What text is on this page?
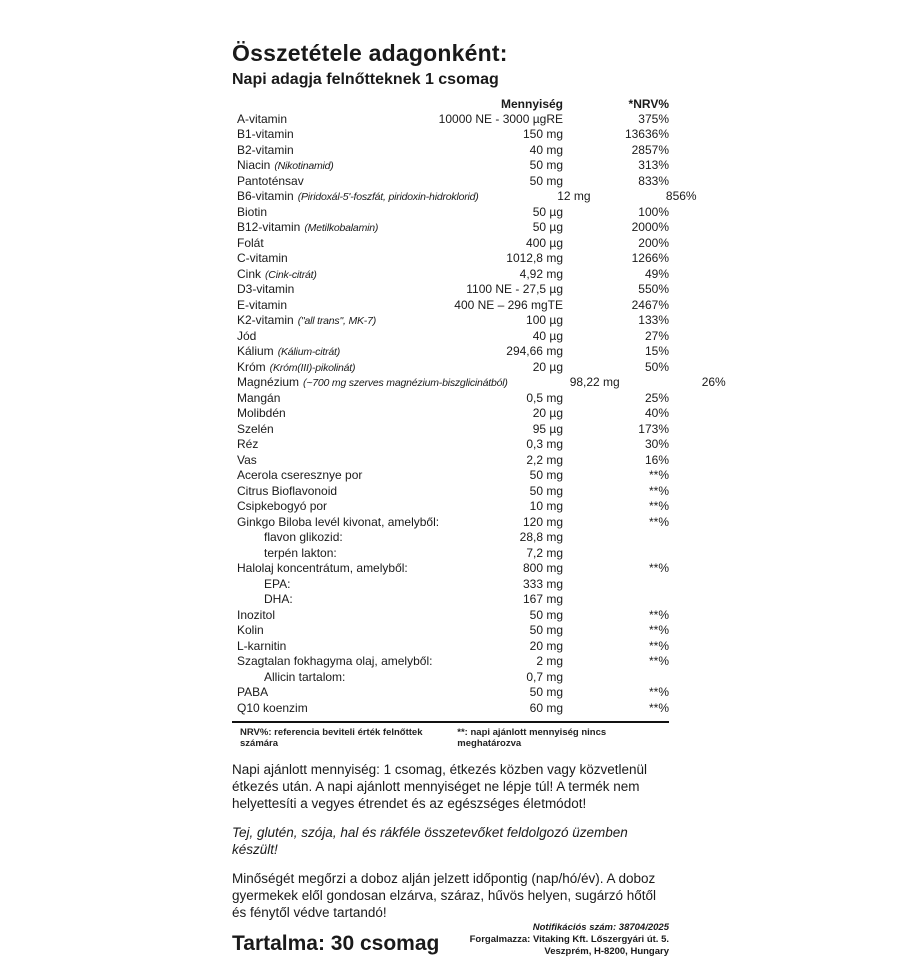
Összetétele adagonként:
Napi adagja felnőtteknek 1 csomag
Mennyiség	*NRV%
A-vitamin	10000 NE - 3000 µgRE	375%
B1-vitamin	150 mg	13636%
B2-vitamin	40 mg	2857%
Niacin (Nikotinamid)	50 mg	313%
Pantoténsav	50 mg	833%
B6-vitamin (Piridoxál-5'-foszfát, piridoxin-hidroklorid)	12 mg	856%
Biotin	50 µg	100%
B12-vitamin (Metilkobalamin)	50 µg	2000%
Folát	400 µg	200%
C-vitamin	1012,8 mg	1266%
Cink (Cink-citrát)	4,92 mg	49%
D3-vitamin	1100 NE - 27,5 µg	550%
E-vitamin	400 NE – 296 mgTE	2467%
K2-vitamin ("all trans", MK-7)	100 µg	133%
Jód	40 µg	27%
Kálium (Kálium-citrát)	294,66 mg	15%
Króm (Króm(III)-pikolinát)	20 µg	50%
Magnézium (~700 mg szerves magnézium-biszglicinátból)	98,22 mg	26%
Mangán	0,5 mg	25%
Molibdén	20 µg	40%
Szelén	95 µg	173%
Réz	0,3 mg	30%
Vas	2,2 mg	16%
Acerola cseresznye por	50 mg	**%
Citrus Bioflavonoid	50 mg	**%
Csipkebogyó por	10 mg	**%
Ginkgo Biloba levél kivonat, amelyből:	120 mg	**%
flavon glikozid:	28,8 mg
terpén lakton:	7,2 mg
Halolaj koncentrátum, amelyből:	800 mg	**%
EPA:	333 mg
DHA:	167 mg
Inozitol	50 mg	**%
Kolin	50 mg	**%
L-karnitin	20 mg	**%
Szagtalan fokhagyma olaj, amelyből:	2 mg	**%
Allicin tartalom:	0,7 mg
PABA	50 mg	**%
Q10 koenzim	60 mg	**%
NRV%: referencia beviteli érték felnőttek számára
**: napi ajánlott mennyiség nincs meghatározva
Napi ajánlott mennyiség: 1 csomag, étkezés közben vagy közvetlenül étkezés után. A napi ajánlott mennyiséget ne lépje túl! A termék nem helyettesíti a vegyes étrendet és az egészséges életmódot!
Tej, glutén, szója, hal és rákféle összetevőket feldolgozó üzemben készült!
Minőségét megőrzi a doboz alján jelzett időpontig (nap/hó/év). A doboz gyermekek elől gondosan elzárva, száraz, hűvös helyen, sugárzó hőtől és fénytől védve tartandó!
Tartalma: 30 csomag
Notifikációs szám: 38704/2025
Forgalmazza: Vitaking Kft. Lőszergyári út. 5.
Veszprém, H-8200, Hungary
